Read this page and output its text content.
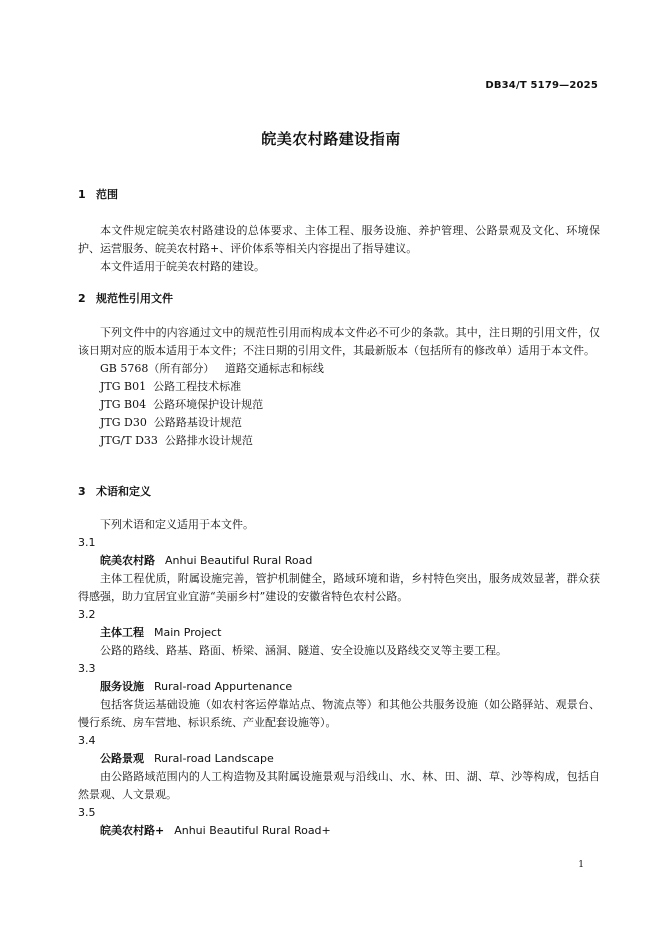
DB34/T 5179—2025
皖美农村路建设指南
1 范围

本文件规定皖美农村路建设的总体要求、主体工程、服务设施、养护管理、公路景观及文化、环境保护、运营服务、皖美农村路+、评价体系等相关内容提出了指导建议。

本文件适用于皖美农村路的建设。

2 规范性引用文件

下列文件中的内容通过文中的规范性引用而构成本文件必不可少的条款。其中，注日期的引用文件，仅该日期对应的版本适用于本文件；不注日期的引用文件，其最新版本（包括所有的修改单）适用于本文件。

GB 5768（所有部分） 道路交通标志和标线
JTG B01 公路工程技术标准
JTG B04 公路环境保护设计规范
JTG D30 公路路基设计规范
JTG/T D33 公路排水设计规范
3 术语和定义

下列术语和定义适用于本文件。

3.1
皖美农村路 Anhui Beautiful Rural Road

主体工程优质，附属设施完善，管护机制健全，路域环境和谐，乡村特色突出，服务成效显著，群众获得感强，助力宜居宜业宜游“美丽乡村”建设的安徽省特色农村公路。

3.2
主体工程 Main Project

公路的路线、路基、路面、桥梁、涵洞、隧道、安全设施以及路线交叉等主要工程。

3.3
服务设施 Rural-road Appurtenance

包括客货运基础设施（如农村客运停靠站点、物流点等）和其他公共服务设施（如公路驿站、观景台、慢行系统、房车营地、标识系统、产业配套设施等）。

3.4
公路景观 Rural-road Landscape

由公路路域范围内的人工构造物及其附属设施景观与沿线山、水、林、田、湖、草、沙等构成，包括自然景观、人文景观。

3.5
皖美农村路+ Anhui Beautiful Rural Road+
1
